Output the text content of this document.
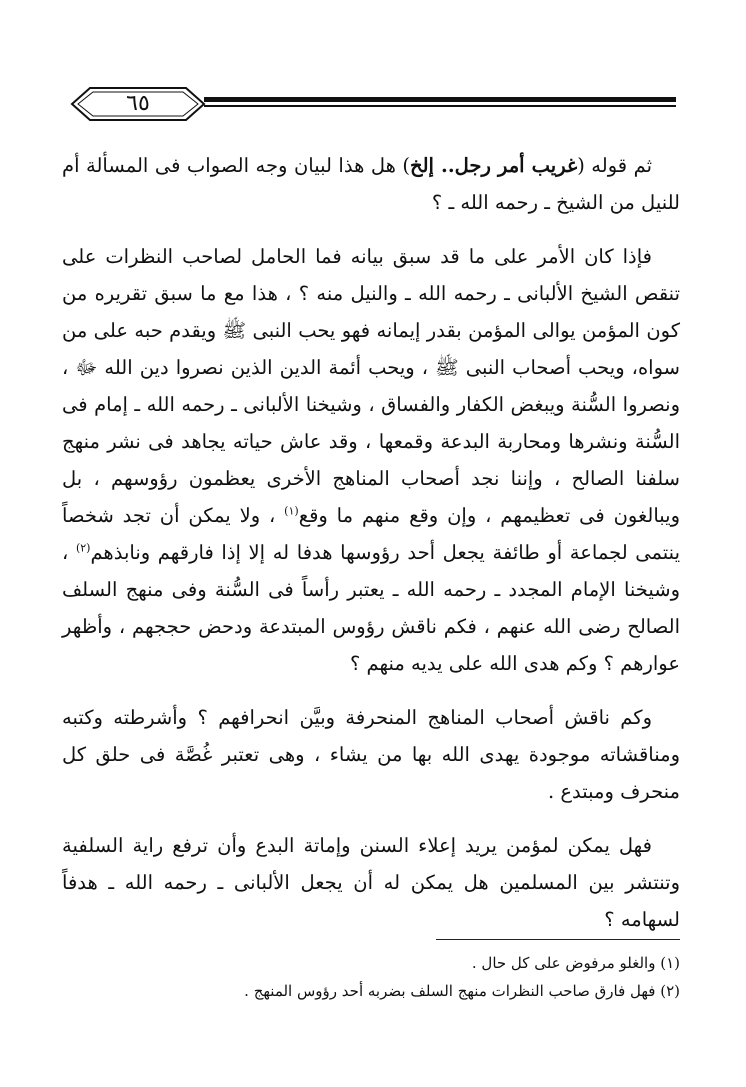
٦٥

ثم قوله (غريب أمر رجل.. إلخ) هل هذا لبيان وجه الصواب فى المسألة أم للنيل من الشيخ ـ رحمه الله ـ ؟

فإذا كان الأمر على ما قد سبق بيانه فما الحامل لصاحب النظرات على تنقص الشيخ الألبانى ـ رحمه الله ـ والنيل منه ؟ ، هذا مع ما سبق تقريره من كون المؤمن يوالى المؤمن بقدر إيمانه فهو يحب النبى ﷺ ويقدم حبه على من سواه، ويحب أصحاب النبى ﷺ ، ويحب أئمة الدين الذين نصروا دين الله ﷻ ، ونصروا السُّنة ويبغض الكفار والفساق ، وشيخنا الألبانى ـ رحمه الله ـ إمام فى السُّنة ونشرها ومحاربة البدعة وقمعها ، وقد عاش حياته يجاهد فى نشر منهج سلفنا الصالح ، وإننا نجد أصحاب المناهج الأخرى يعظمون رؤوسهم ، بل ويبالغون فى تعظيمهم ، وإن وقع منهم ما وقع$^{(١)}$ ، ولا يمكن أن تجد شخصاً ينتمى لجماعة أو طائفة يجعل أحد رؤوسها هدفا له إلا إذا فارقهم ونابذهم$^{(٢)}$ ، وشيخنا الإمام المجدد ـ رحمه الله ـ يعتبر رأساً فى السُّنة وفى منهج السلف الصالح رضى الله عنهم ، فكم ناقش رؤوس المبتدعة ودحض حججهم ، وأظهر عوارهم ؟ وكم هدى الله على يديه منهم ؟

وكم ناقش أصحاب المناهج المنحرفة وبيَّن انحرافهم ؟ وأشرطته وكتبه ومناقشاته موجودة يهدى الله بها من يشاء ، وهى تعتبر غُصَّة فى حلق كل منحرف ومبتدع .

فهل يمكن لمؤمن يريد إعلاء السنن وإماتة البدع وأن ترفع راية السلفية وتنتشر بين المسلمين هل يمكن له أن يجعل الألبانى ـ رحمه الله ـ هدفاً لسهامه ؟

(١) والغلو مرفوض على كل حال .

(٢) فهل فارق صاحب النظرات منهج السلف بضربه أحد رؤوس المنهج .
